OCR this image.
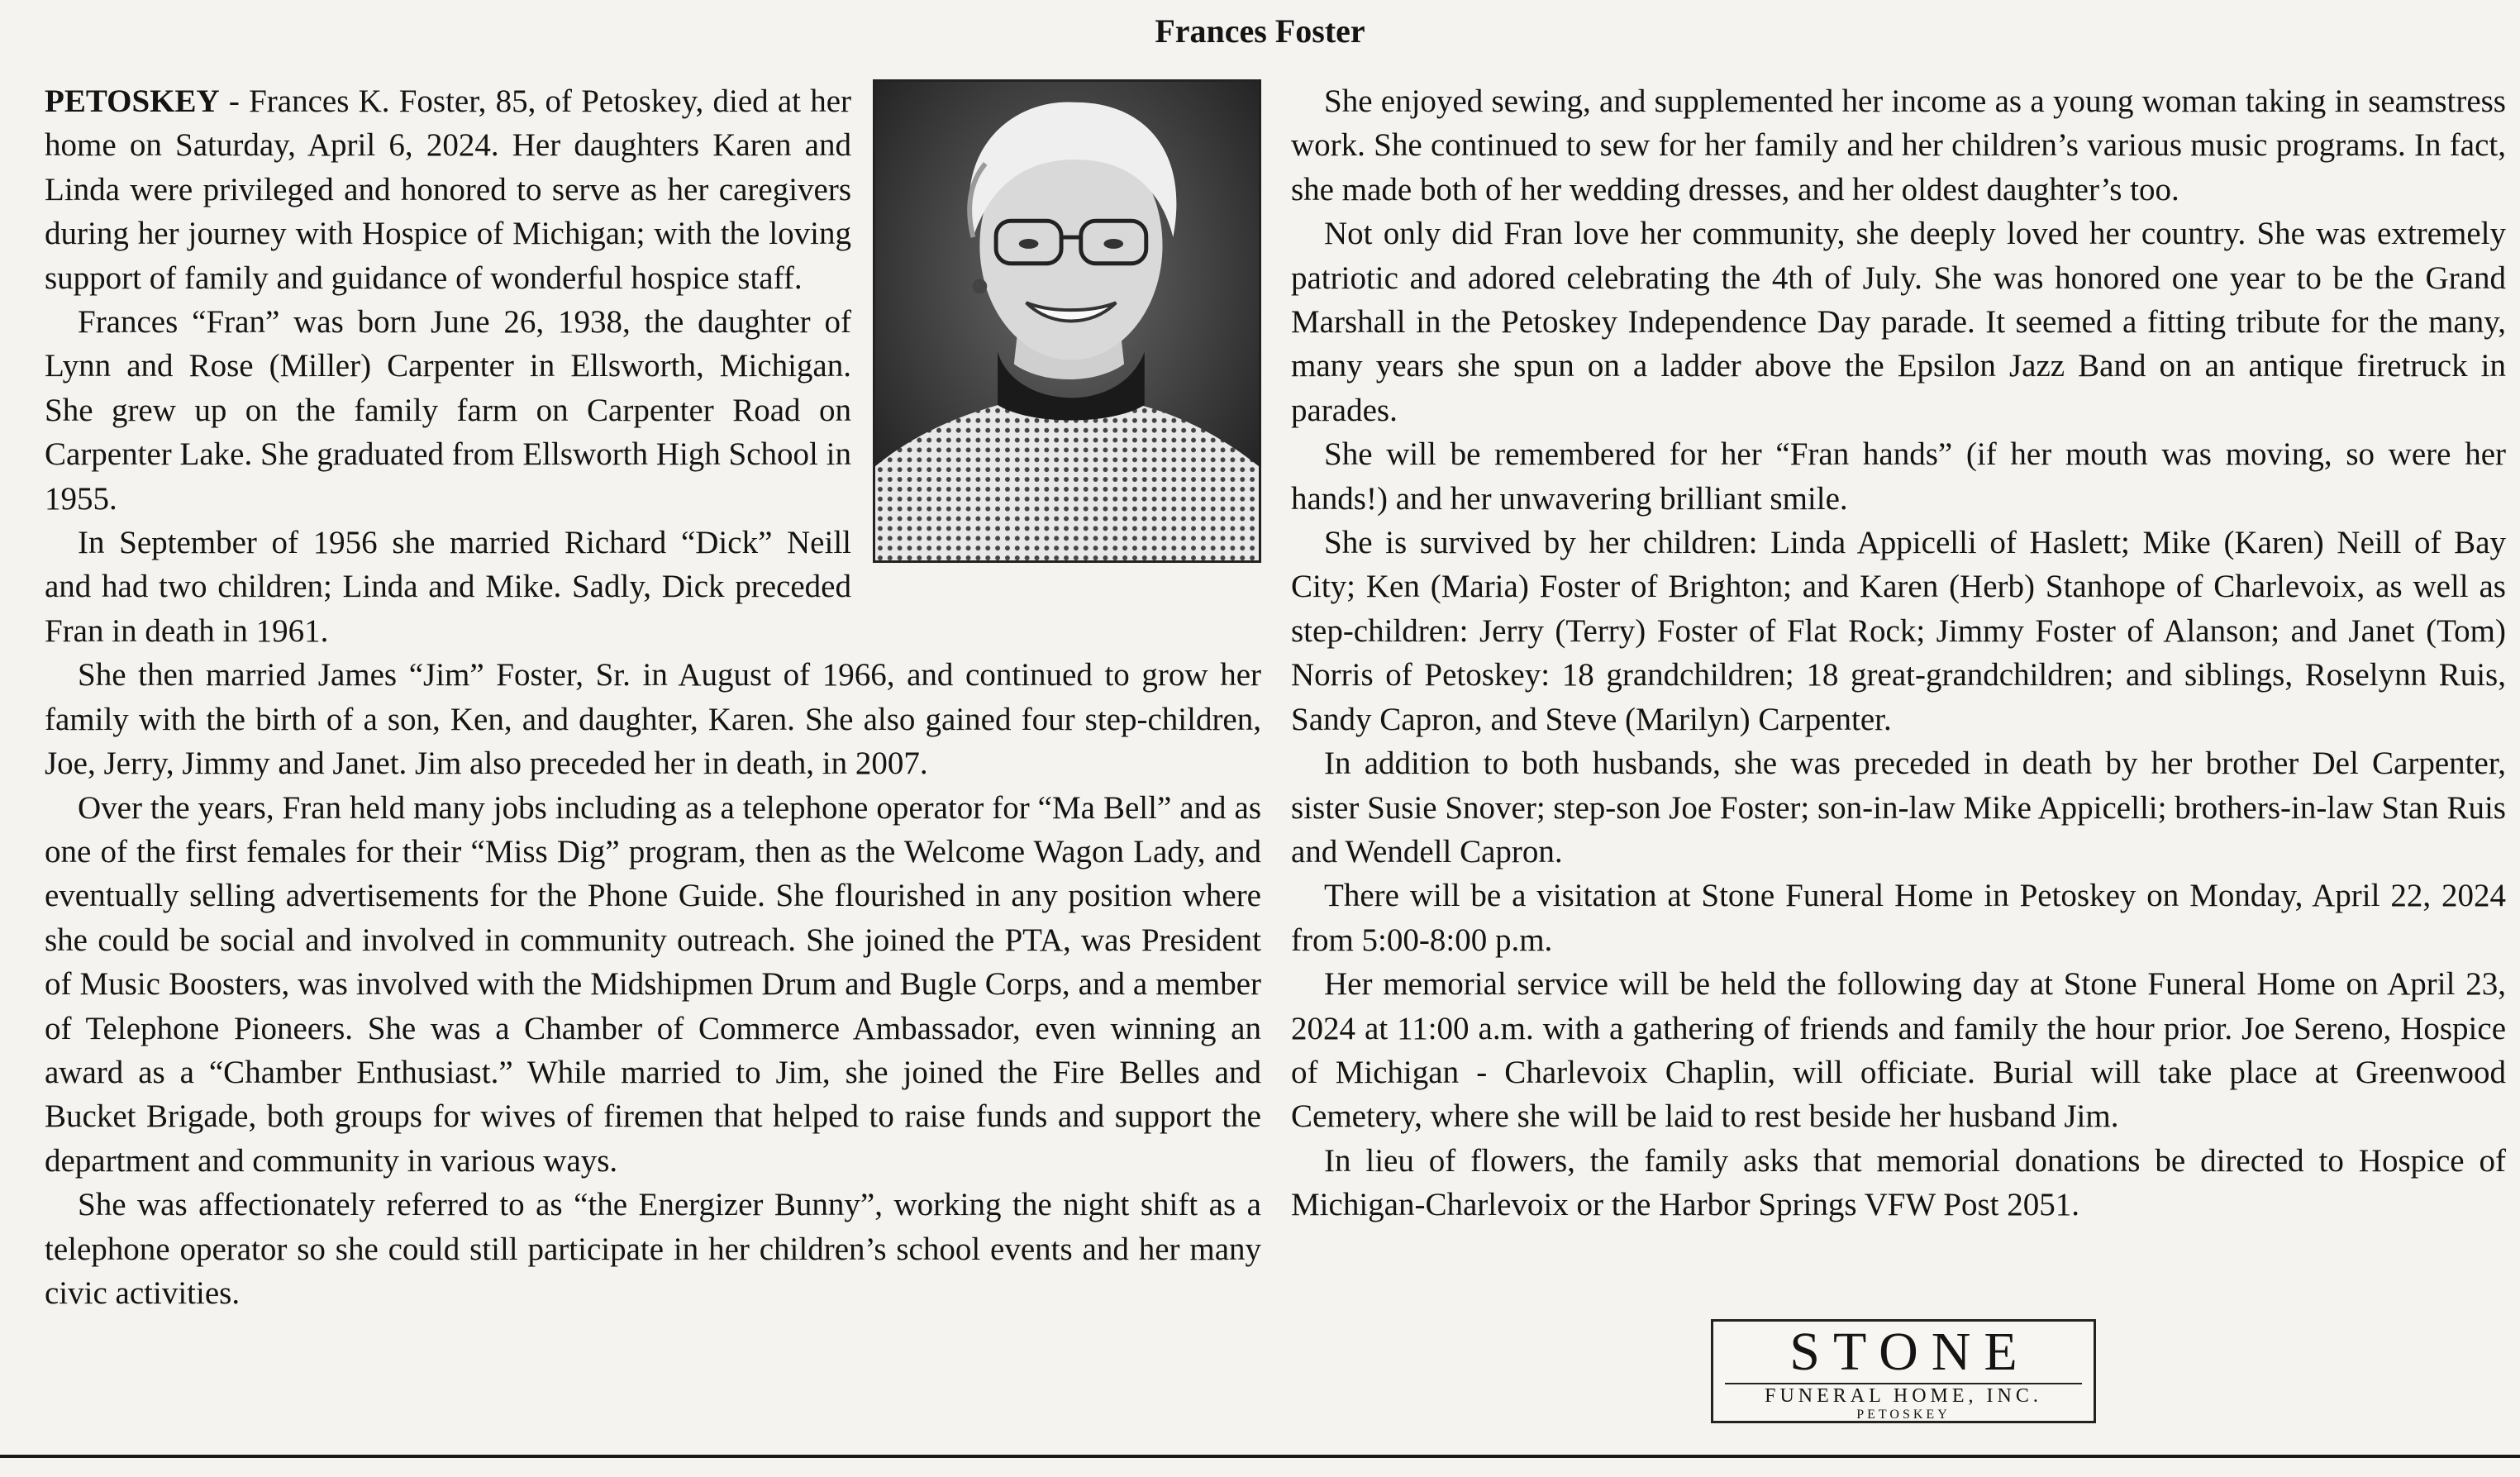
Frances Foster

PETOSKEY - Frances K. Foster, 85, of Petoskey, died at her home on Saturday, April 6, 2024. Her daughters Karen and Linda were privileged and honored to serve as her caregivers during her journey with Hospice of Michigan; with the loving support of family and guidance of wonderful hospice staff.

Frances “Fran” was born June 26, 1938, the daughter of Lynn and Rose (Miller) Carpenter in Ellsworth, Michigan. She grew up on the family farm on Carpenter Road on Carpenter Lake. She graduated from Ellsworth High School in 1955.

In September of 1956 she married Richard “Dick” Neill and had two children; Linda and Mike. Sadly, Dick preceded Fran in death in 1961.

She then married James “Jim” Foster, Sr. in August of 1966, and continued to grow her family with the birth of a son, Ken, and daughter, Karen. She also gained four step-children, Joe, Jerry, Jimmy and Janet. Jim also preceded her in death, in 2007.

Over the years, Fran held many jobs including as a telephone operator for “Ma Bell” and as one of the first females for their “Miss Dig” program, then as the Welcome Wagon Lady, and eventually selling advertisements for the Phone Guide. She flourished in any position where she could be social and involved in community outreach. She joined the PTA, was President of Music Boosters, was involved with the Midshipmen Drum and Bugle Corps, and a member of Telephone Pioneers. She was a Chamber of Commerce Ambassador, even winning an award as a “Chamber Enthusiast.” While married to Jim, she joined the Fire Belles and Bucket Brigade, both groups for wives of firemen that helped to raise funds and support the department and community in various ways.

She was affectionately referred to as “the Energizer Bunny”, working the night shift as a telephone operator so she could still participate in her children’s school events and her many civic activities.

She enjoyed sewing, and supplemented her income as a young woman taking in seamstress work. She continued to sew for her family and her children’s various music programs. In fact, she made both of her wedding dresses, and her oldest daughter’s too.

Not only did Fran love her community, she deeply loved her country. She was extremely patriotic and adored celebrating the 4th of July. She was honored one year to be the Grand Marshall in the Petoskey Independence Day parade. It seemed a fitting tribute for the many, many years she spun on a ladder above the Epsilon Jazz Band on an antique firetruck in parades.

She will be remembered for her “Fran hands” (if her mouth was moving, so were her hands!) and her unwavering brilliant smile.

She is survived by her children: Linda Appicelli of Haslett; Mike (Karen) Neill of Bay City; Ken (Maria) Foster of Brighton; and Karen (Herb) Stanhope of Charlevoix, as well as step-children: Jerry (Terry) Foster of Flat Rock; Jimmy Foster of Alanson; and Janet (Tom) Norris of Petoskey: 18 grandchildren; 18 great-grandchildren; and siblings, Roselynn Ruis, Sandy Capron, and Steve (Marilyn) Carpenter.

In addition to both husbands, she was preceded in death by her brother Del Carpenter, sister Susie Snover; step-son Joe Foster; son-in-law Mike Appicelli; brothers-in-law Stan Ruis and Wendell Capron.

There will be a visitation at Stone Funeral Home in Petoskey on Monday, April 22, 2024 from 5:00-8:00 p.m.

Her memorial service will be held the following day at Stone Funeral Home on April 23, 2024 at 11:00 a.m. with a gathering of friends and family the hour prior. Joe Sereno, Hospice of Michigan - Charlevoix Chaplin, will officiate. Burial will take place at Greenwood Cemetery, where she will be laid to rest beside her husband Jim.

In lieu of flowers, the family asks that memorial donations be directed to Hospice of Michigan-Charlevoix or the Harbor Springs VFW Post 2051.

STONE
FUNERAL HOME, INC.
PETOSKEY
